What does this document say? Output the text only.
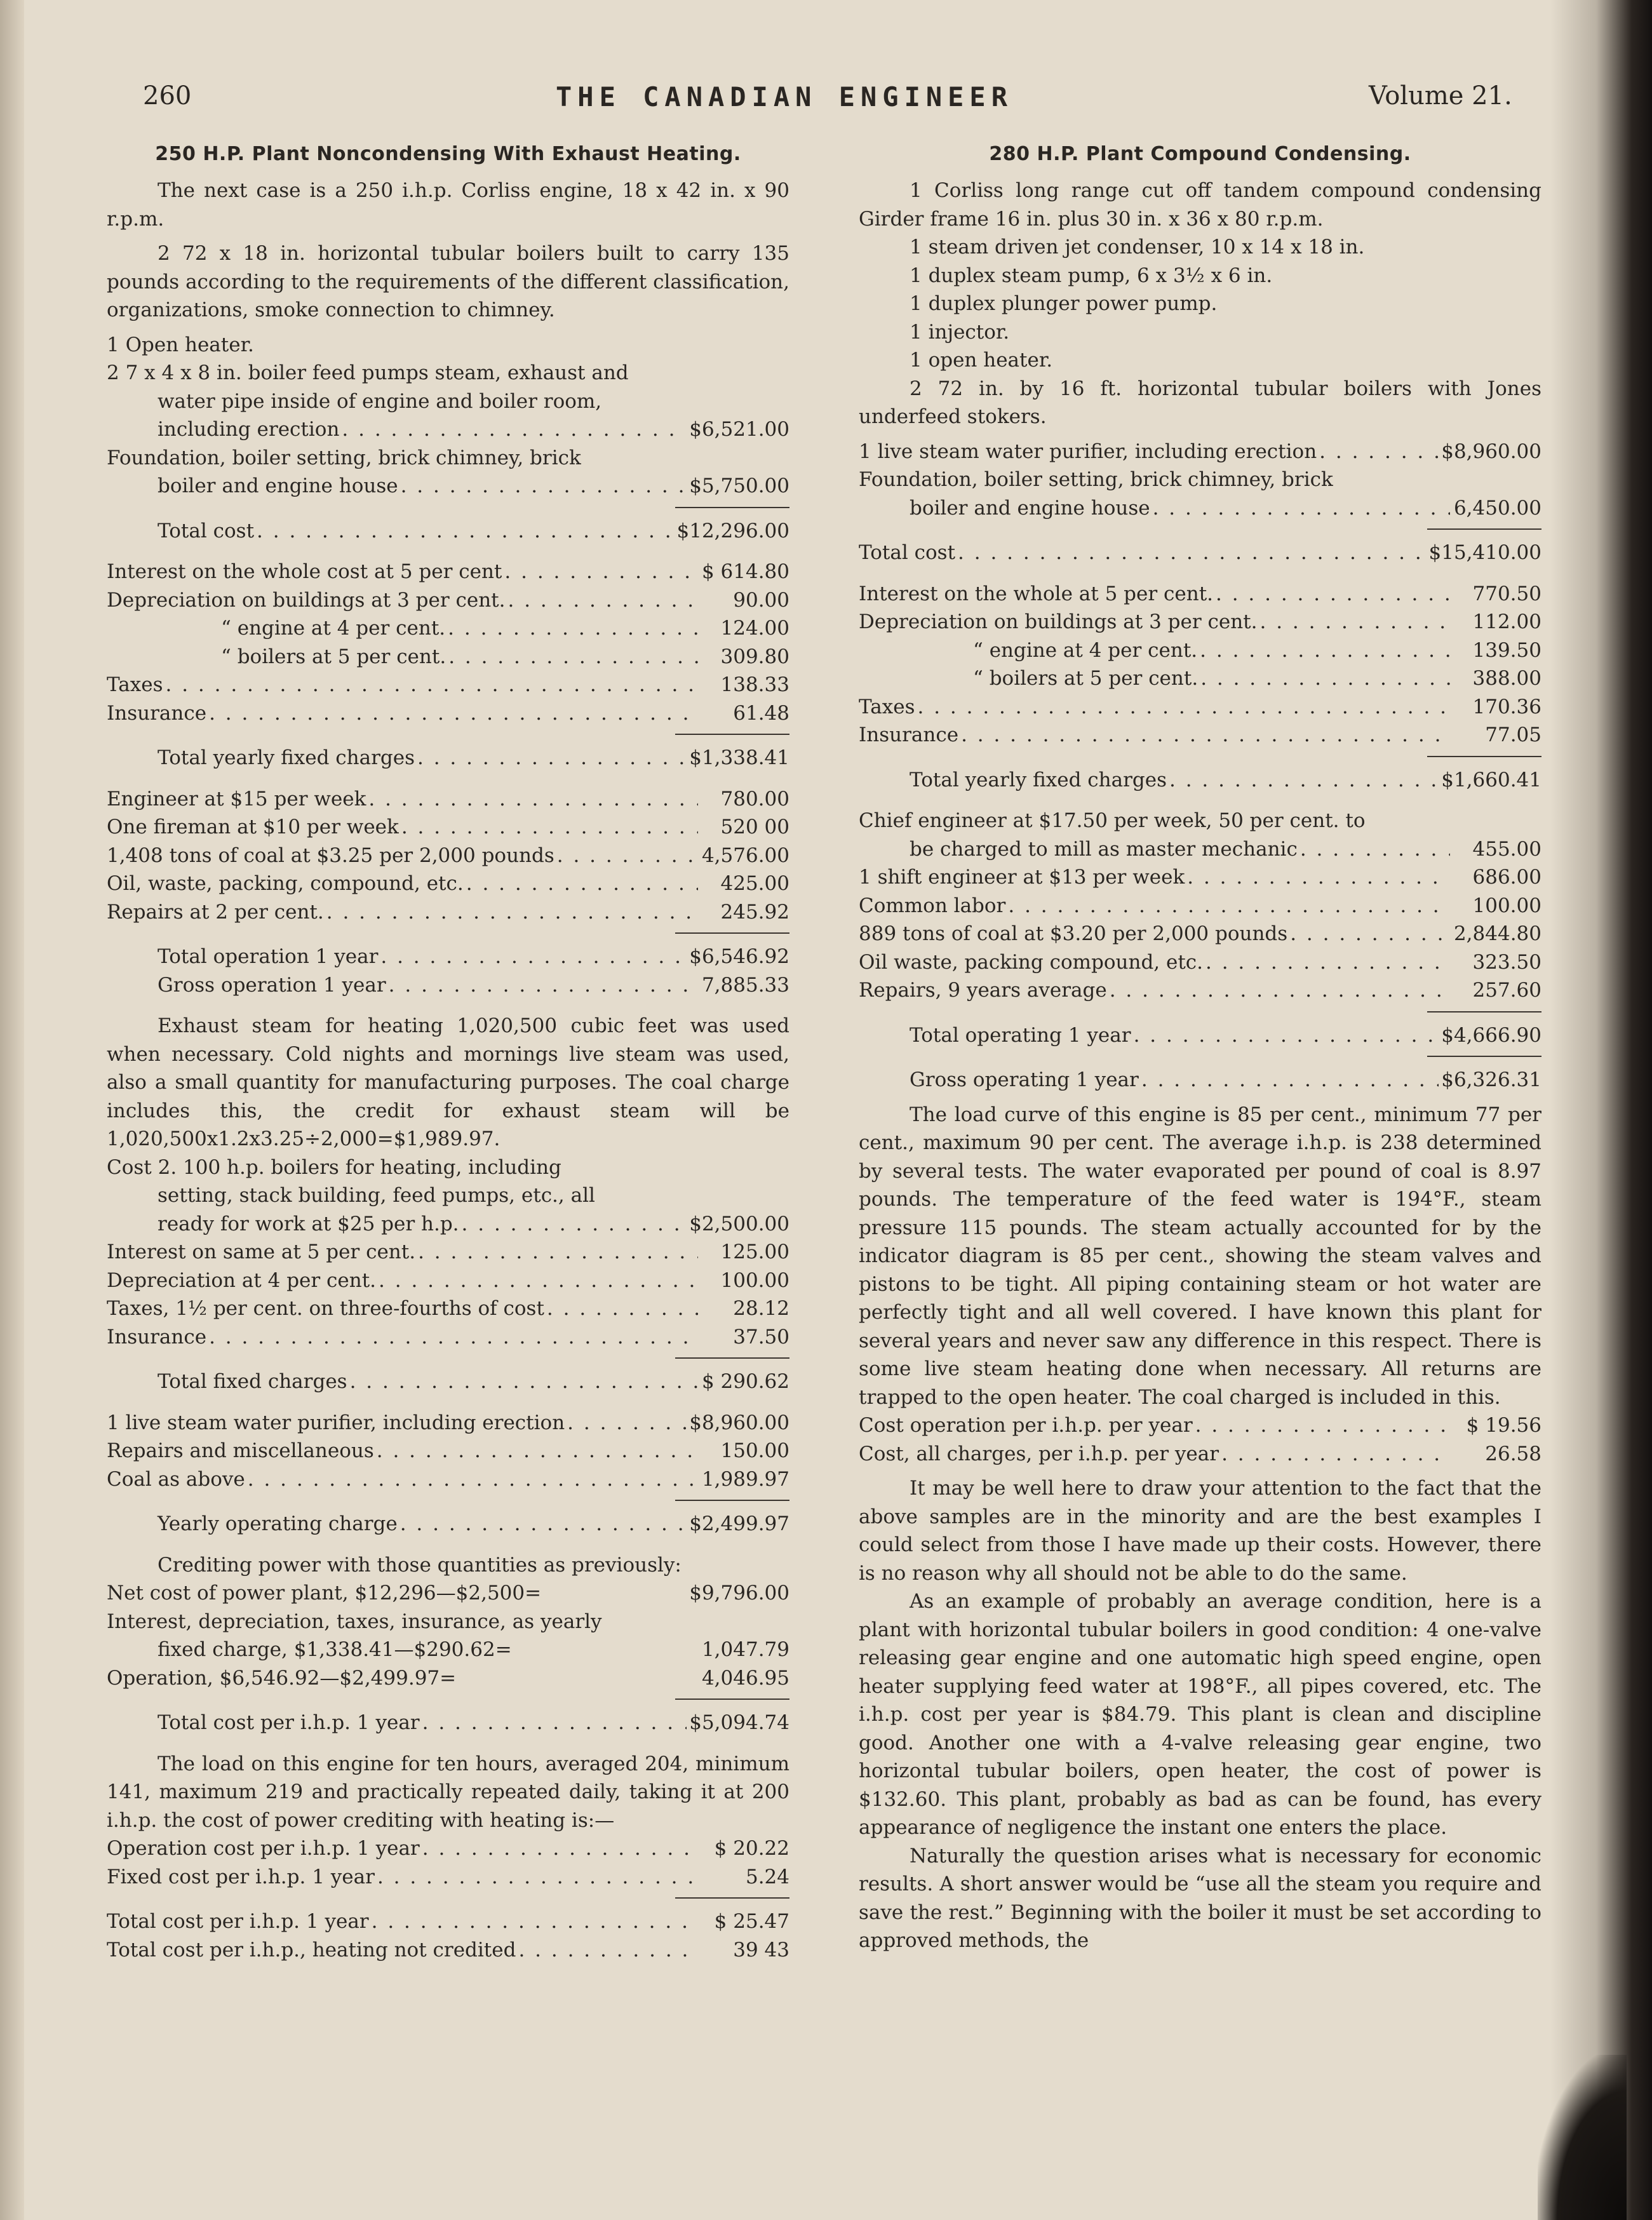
260	THE CANADIAN ENGINEER	Volume 21.
250 H.P. Plant Noncondensing With Exhaust Heating.

The next case is a 250 i.h.p. Corliss engine, 18 x 42 in. x 90 r.p.m.

2 72 x 18 in. horizontal tubular boilers built to carry 135 pounds according to the requirements of the different classification, organizations, smoke connection to chimney.

1 Open heater.

2 7 x 4 x 8 in. boiler feed pumps steam, exhaust and

water pipe inside of engine and boiler room,

including erection . . .	$6,521.00

Foundation, boiler setting, brick chimney, brick

boiler and engine house . . .	$5,750.00
Total cost . . .	$12,296.00
Interest on the whole cost at 5 per cent . . .	$ 614.80
Depreciation on buildings at 3 per cent. . . .	90.00
“ engine at 4 per cent. . . .	124.00
“ boilers at 5 per cent. . . .	309.80
Taxes . . .	138.33
Insurance . . .	61.48
Total yearly fixed charges . . .	$1,338.41
Engineer at $15 per week . . .	780.00
One fireman at $10 per week . . .	520 00
1,408 tons of coal at $3.25 per 2,000 pounds . . .	4,576.00
Oil, waste, packing, compound, etc. . . .	425.00
Repairs at 2 per cent. . . .	245.92
Total operation 1 year . . .	$6,546.92
Gross operation 1 year . . .	7,885.33

Exhaust steam for heating 1,020,500 cubic feet was used when necessary. Cold nights and mornings live steam was used, also a small quantity for manufacturing purposes. The coal charge includes this, the credit for exhaust steam will be 1,020,500x1.2x3.25÷2,000=$1,989.97.

Cost 2. 100 h.p. boilers for heating, including

setting, stack building, feed pumps, etc., all

ready for work at $25 per h.p. . . .	$2,500.00
Interest on same at 5 per cent. . . .	125.00
Depreciation at 4 per cent. . . .	100.00
Taxes, 1½ per cent. on three-fourths of cost . . .	28.12
Insurance . . .	37.50
Total fixed charges . . .	$ 290.62
1 live steam water purifier, including erection . . .	$8,960.00
Repairs and miscellaneous . . .	150.00
Coal as above . . .	1,989.97
Yearly operating charge . . .	$2,499.97

Crediting power with those quantities as previously:

Net cost of power plant, $12,296—$2,500=	$9,796.00

Interest, depreciation, taxes, insurance, as yearly

fixed charge, $1,338.41—$290.62=	1,047.79
Operation, $6,546.92—$2,499.97=	4,046.95
Total cost per i.h.p. 1 year . . .	$5,094.74

The load on this engine for ten hours, averaged 204, minimum 141, maximum 219 and practically repeated daily, taking it at 200 i.h.p. the cost of power crediting with heating is:—

Operation cost per i.h.p. 1 year . . .	$ 20.22
Fixed cost per i.h.p. 1 year . . .	5.24
Total cost per i.h.p. 1 year . . .	$ 25.47
Total cost per i.h.p., heating not credited . . .	39 43
280 H.P. Plant Compound Condensing.

1 Corliss long range cut off tandem compound condensing Girder frame 16 in. plus 30 in. x 36 x 80 r.p.m.

1 steam driven jet condenser, 10 x 14 x 18 in.

1 duplex steam pump, 6 x 3½ x 6 in.

1 duplex plunger power pump.

1 injector.

1 open heater.

2 72 in. by 16 ft. horizontal tubular boilers with Jones underfeed stokers.

1 live steam water purifier, including erection . . .	$8,960.00

Foundation, boiler setting, brick chimney, brick

boiler and engine house . . .	6,450.00
Total cost . . .	$15,410.00
Interest on the whole at 5 per cent. . . .	770.50
Depreciation on buildings at 3 per cent. . . .	112.00
“ engine at 4 per cent. . . .	139.50
“ boilers at 5 per cent. . . .	388.00
Taxes . . .	170.36
Insurance . . .	77.05
Total yearly fixed charges . . .	$1,660.41

Chief engineer at $17.50 per week, 50 per cent. to

be charged to mill as master mechanic . . .	455.00
1 shift engineer at $13 per week . . .	686.00
Common labor . . .	100.00
889 tons of coal at $3.20 per 2,000 pounds . . .	2,844.80
Oil waste, packing compound, etc. . . .	323.50
Repairs, 9 years average . . .	257.60
Total operating 1 year . . .	$4,666.90
Gross operating 1 year . . .	$6,326.31

The load curve of this engine is 85 per cent., minimum 77 per cent., maximum 90 per cent. The average i.h.p. is 238 determined by several tests. The water evaporated per pound of coal is 8.97 pounds. The temperature of the feed water is 194°F., steam pressure 115 pounds. The steam actually accounted for by the indicator diagram is 85 per cent., showing the steam valves and pistons to be tight. All piping containing steam or hot water are perfectly tight and all well covered. I have known this plant for several years and never saw any difference in this respect. There is some live steam heating done when necessary. All returns are trapped to the open heater. The coal charged is included in this.

Cost operation per i.h.p. per year . . .	$ 19.56
Cost, all charges, per i.h.p. per year . . .	26.58

It may be well here to draw your attention to the fact that the above samples are in the minority and are the best examples I could select from those I have made up their costs. However, there is no reason why all should not be able to do the same.

As an example of probably an average condition, here is a plant with horizontal tubular boilers in good condition: 4 one-valve releasing gear engine and one automatic high speed engine, open heater supplying feed water at 198°F., all pipes covered, etc. The i.h.p. cost per year is $84.79. This plant is clean and discipline good. Another one with a 4-valve releasing gear engine, two horizontal tubular boilers, open heater, the cost of power is $132.60. This plant, probably as bad as can be found, has every appearance of negligence the instant one enters the place.

Naturally the question arises what is necessary for economic results. A short answer would be “use all the steam you require and save the rest.” Beginning with the boiler it must be set according to approved methods, the
